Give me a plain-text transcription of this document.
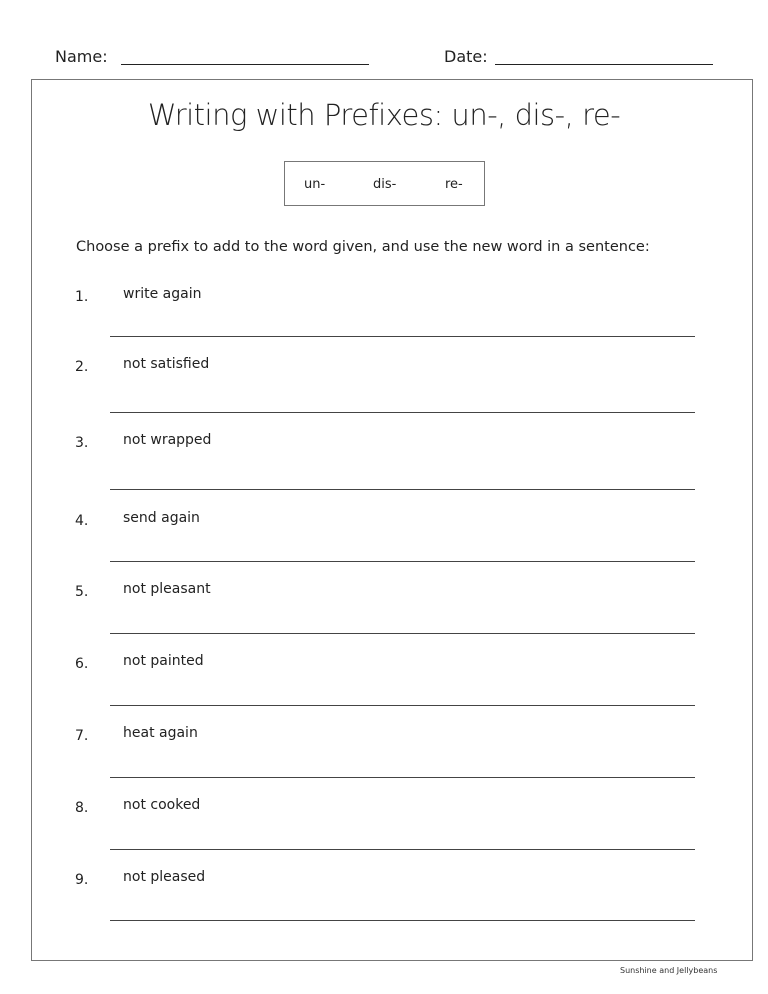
Name:	Date:
Writing with Prefixes: un-, dis-, re-
un-	dis-	re-
Choose a prefix to add to the word given, and use the new word in a sentence:
1. write again
2. not satisfied
3. not wrapped
4. send again
5. not pleasant
6. not painted
7. heat again
8. not cooked
9. not pleased
Sunshine and Jellybeans
